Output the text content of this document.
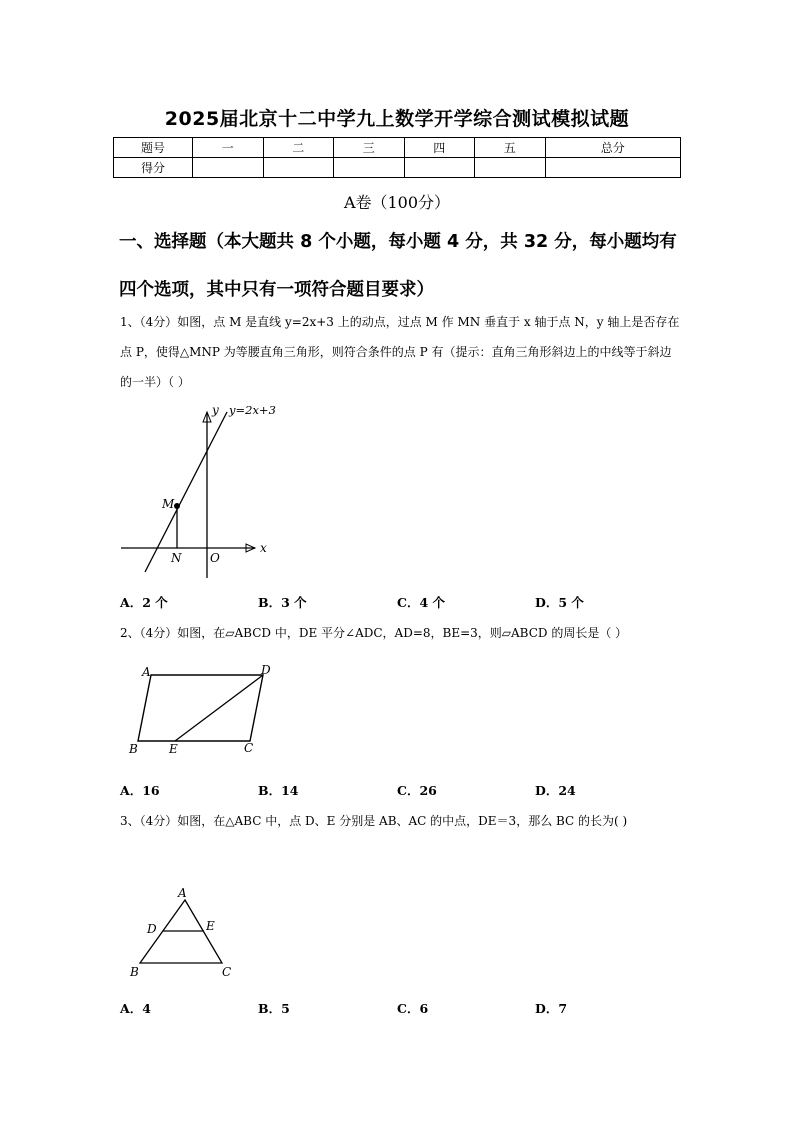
2025届北京十二中学九上数学开学综合测试模拟试题
题号	一	二	三	四	五	总分
得分						
A卷（100分）
一、选择题（本大题共 8 个小题，每小题 4 分，共 32 分，每小题均有四个选项，其中只有一项符合题目要求）
1、（4分）如图，点 M 是直线 y=2x+3 上的动点，过点 M 作 MN 垂直于 x 轴于点 N，y 轴上是否存在点 P，使得△MNP 为等腰直角三角形，则符合条件的点 P 有（提示：直角三角形斜边上的中线等于斜边的一半）（ ）
x
y y=2x+3
M
N O
A．2 个	B．3 个	C．4 个	D．5 个
2、（4分）如图，在▱ABCD 中，DE 平分∠ADC，AD=8，BE=3，则▱ABCD 的周长是（ ）
A	D
B	E	C
A．16	B．14	C．26	D．24
3、（4分）如图，在△ABC 中，点 D、E 分别是 AB、AC 的中点，DE＝3，那么 BC 的长为( )
A
D	E
B	C
A．4	B．5	C．6	D．7
